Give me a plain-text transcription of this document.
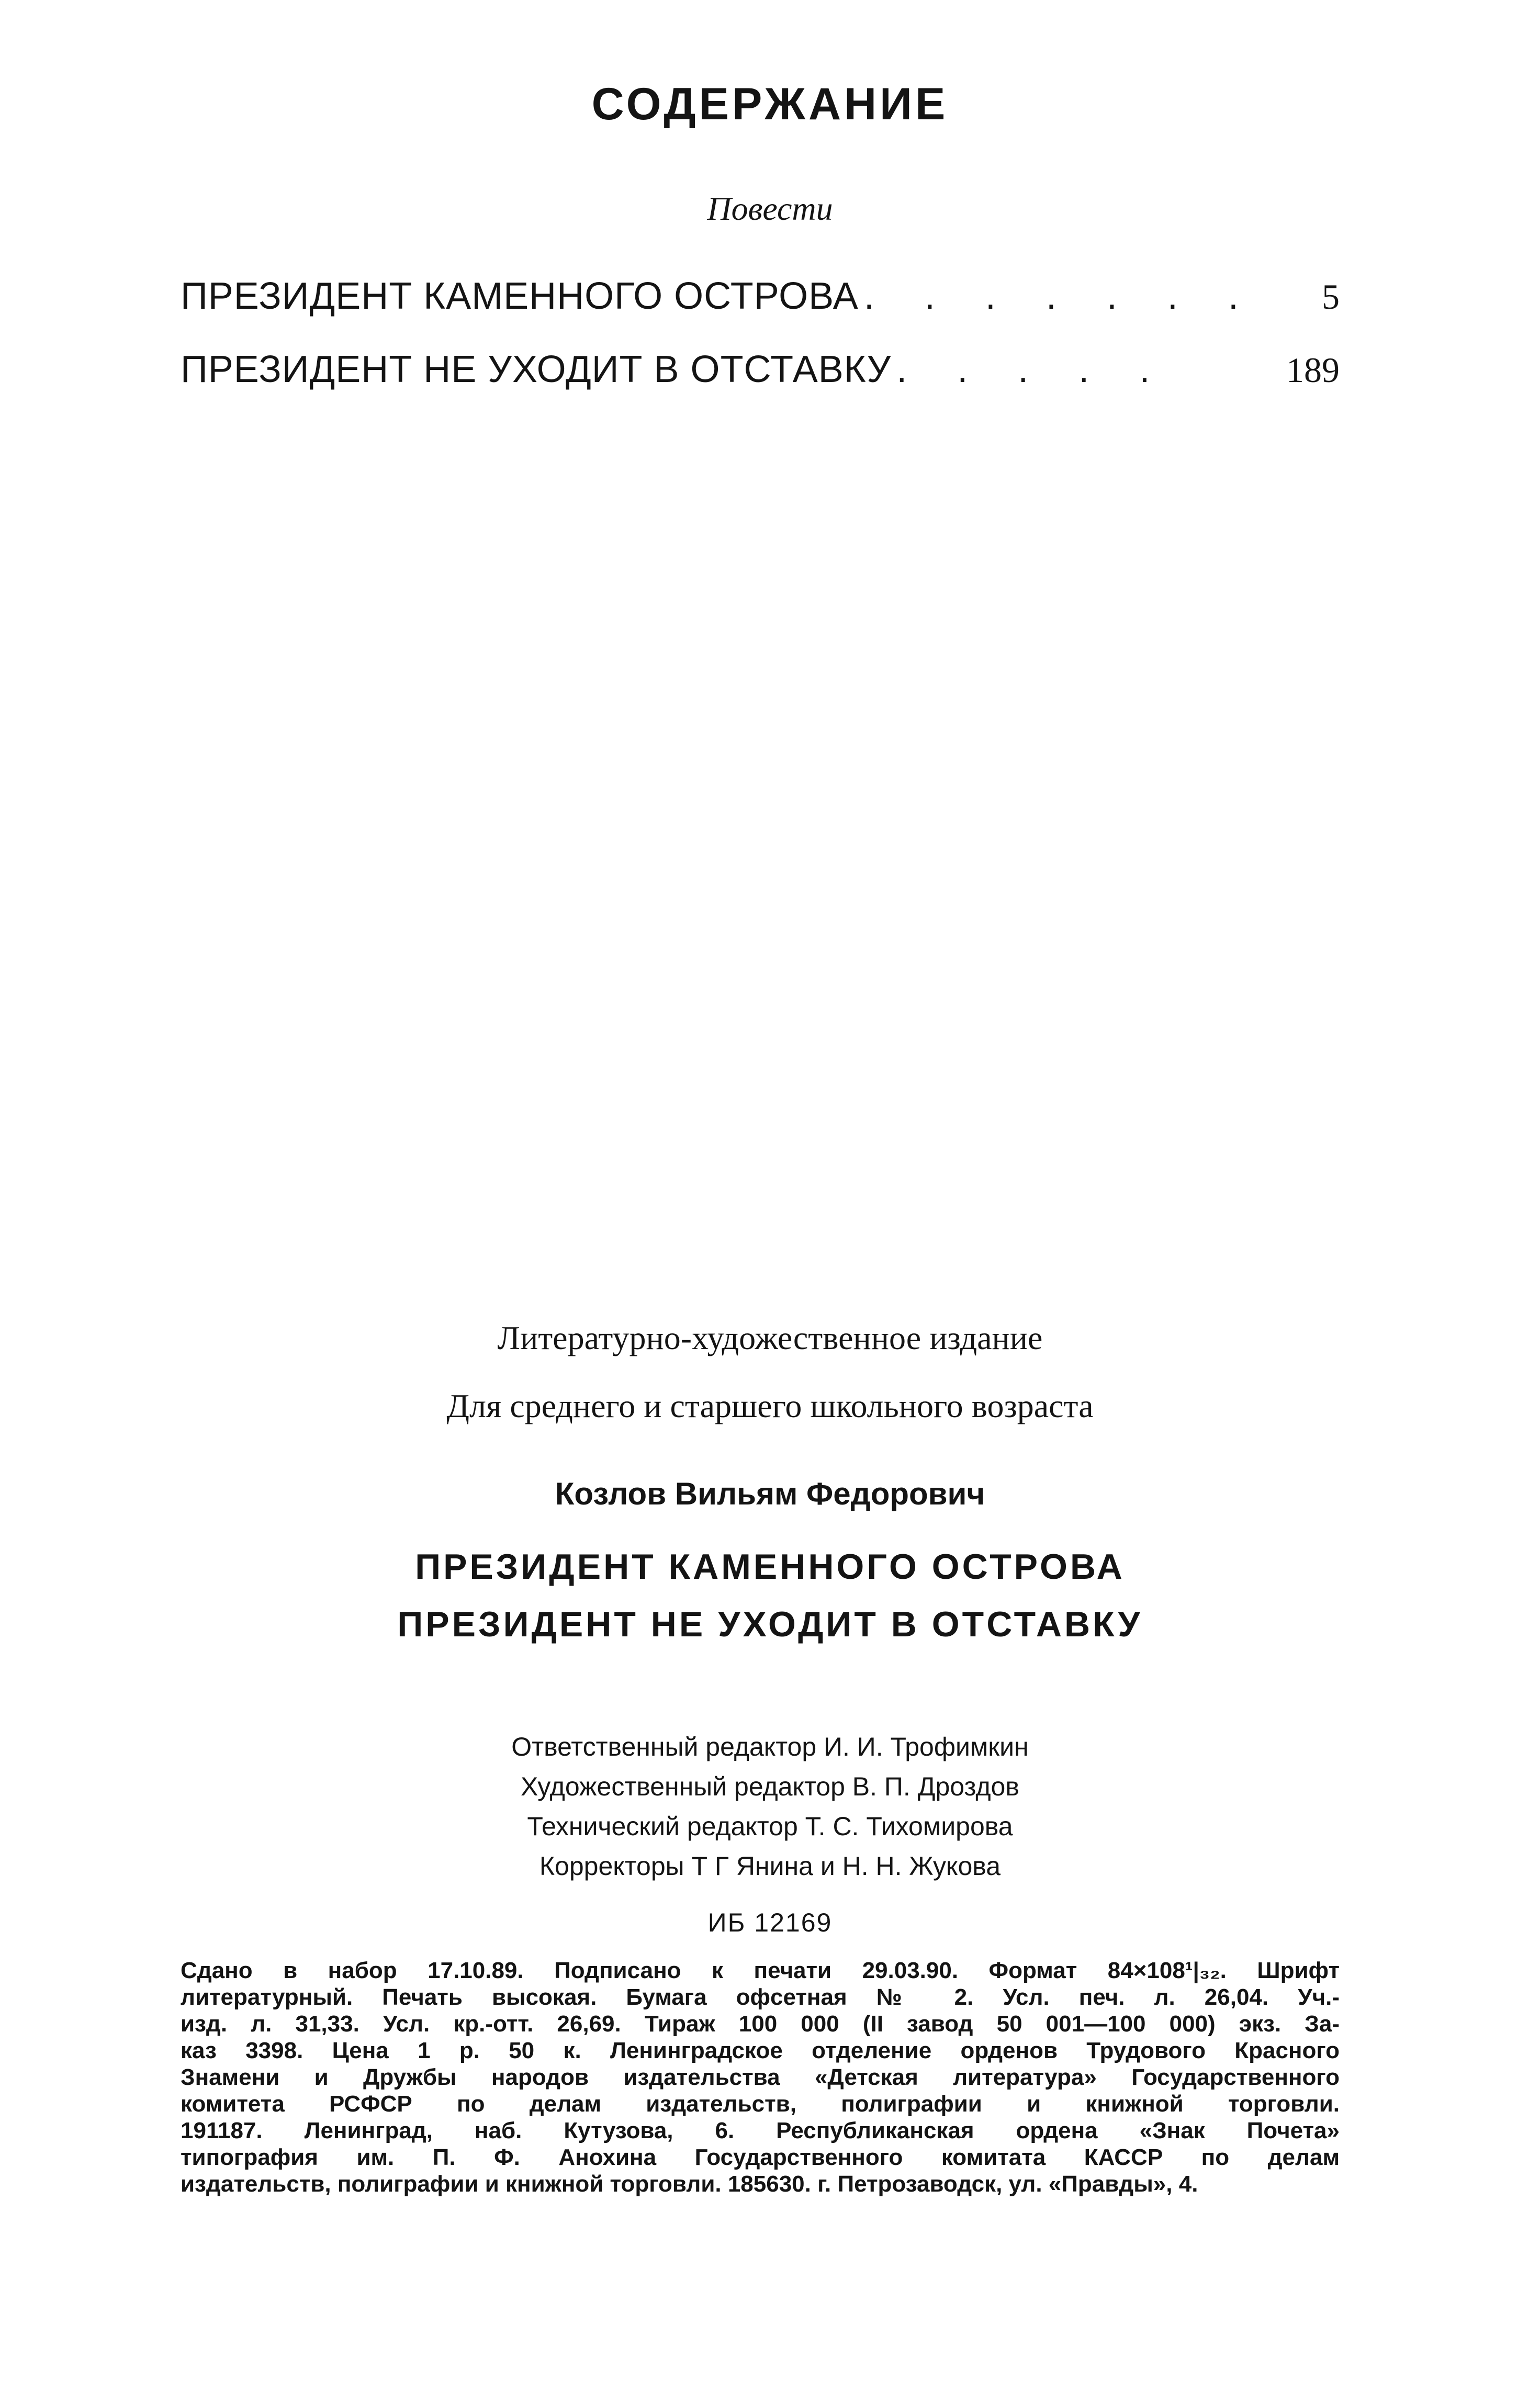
СОДЕРЖАНИЕ
Повести
ПРЕЗИДЕНТ КАМЕННОГО ОСТРОВА . . . . . . .	5
ПРЕЗИДЕНТ НЕ УХОДИТ В ОТСТАВКУ . . . . .	189
Литературно-художественное издание
Для среднего и старшего школьного возраста
Козлов Вильям Федорович
ПРЕЗИДЕНТ КАМЕННОГО ОСТРОВА
ПРЕЗИДЕНТ НЕ УХОДИТ В ОТСТАВКУ
Ответственный редактор И. И. Трофимкин
Художественный редактор В. П. Дроздов
Технический редактор Т. С. Тихомирова
Корректоры Т Г Янина и Н. Н. Жукова
ИБ 12169
Сдано в набор 17.10.89. Подписано к печати 29.03.90. Формат 84×108¹|₃₂. Шрифт
литературный. Печать высокая. Бумага офсетная № 2. Усл. печ. л. 26,04. Уч.-
изд. л. 31,33. Усл. кр.-отт. 26,69. Тираж 100 000 (II завод 50 001—100 000) экз. За-
каз 3398. Цена 1 р. 50 к. Ленинградское отделение орденов Трудового Красного
Знамени и Дружбы народов издательства «Детская литература» Государственного
комитета РСФСР по делам издательств, полиграфии и книжной торговли.
191187. Ленинград, наб. Кутузова, 6. Республиканская ордена «Знак Почета»
типография им. П. Ф. Анохина Государственного комитата КАССР по делам
издательств, полиграфии и книжной торговли. 185630. г. Петрозаводск, ул. «Правды», 4.
